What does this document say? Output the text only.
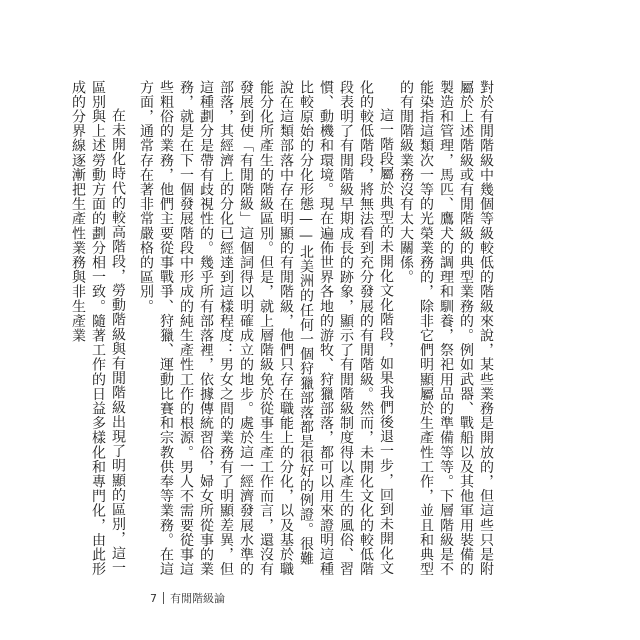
對於有閒階級中幾個等級較低的階級來說，某些業務是開放的，但這些只是附屬於上述階級或有閒階級的典型業務的。例如武器、戰船以及其他軍用裝備的製造和管理，馬匹、鷹犬的調理和馴養，祭祀用品的準備等等。下層階級是不能染指這類次一等的光榮業務的，除非它們明顯屬於生產性工作，並且和典型的有閒階級業務沒有太大關係。

這一階段屬於典型的未開化文化階段，如果我們後退一步，回到未開化文化的較低階段，將無法看到充分發展的有閒階級。然而，未開化文化的較低階段表明了有閒階級早期成長的跡象，顯示了有閒階級制度得以產生的風俗、習慣、動機和環境。現在遍佈世界各地的游牧、狩獵部落，都可以用來證明這種比較原始的分化形態——北美洲的任何一個狩獵部落都是很好的例證。很難說在這類部落中存在明顯的有閒階級，他們只存在職能上的分化，以及基於職能分化所產生的階級區別。但是，就上層階級免於從事生產工作而言，還沒有發展到使「有閒階級」這個詞得以明確成立的地步。處於這一經濟發展水準的部落，其經濟上的分化已經達到這樣程度：男女之間的業務有了明顯差異，但這種劃分是帶有歧視性的。幾乎所有部落裡，依據傳統習俗，婦女所從事的業務，就是在下一個發展階段中形成的純生產性工作的根源。男人不需要從事這些粗俗的業務，他們主要從事戰爭、狩獵、運動比賽和宗教供奉等業務。在這方面，通常存在著非常嚴格的區別。

在未開化時代的較高階段，勞動階級與有閒階級出現了明顯的區別，這一區別與上述勞動方面的劃分相一致。隨著工作的日益多樣化和專門化，由此形成的分界線逐漸把生產性業務與非生產業

7 有閒階級論
